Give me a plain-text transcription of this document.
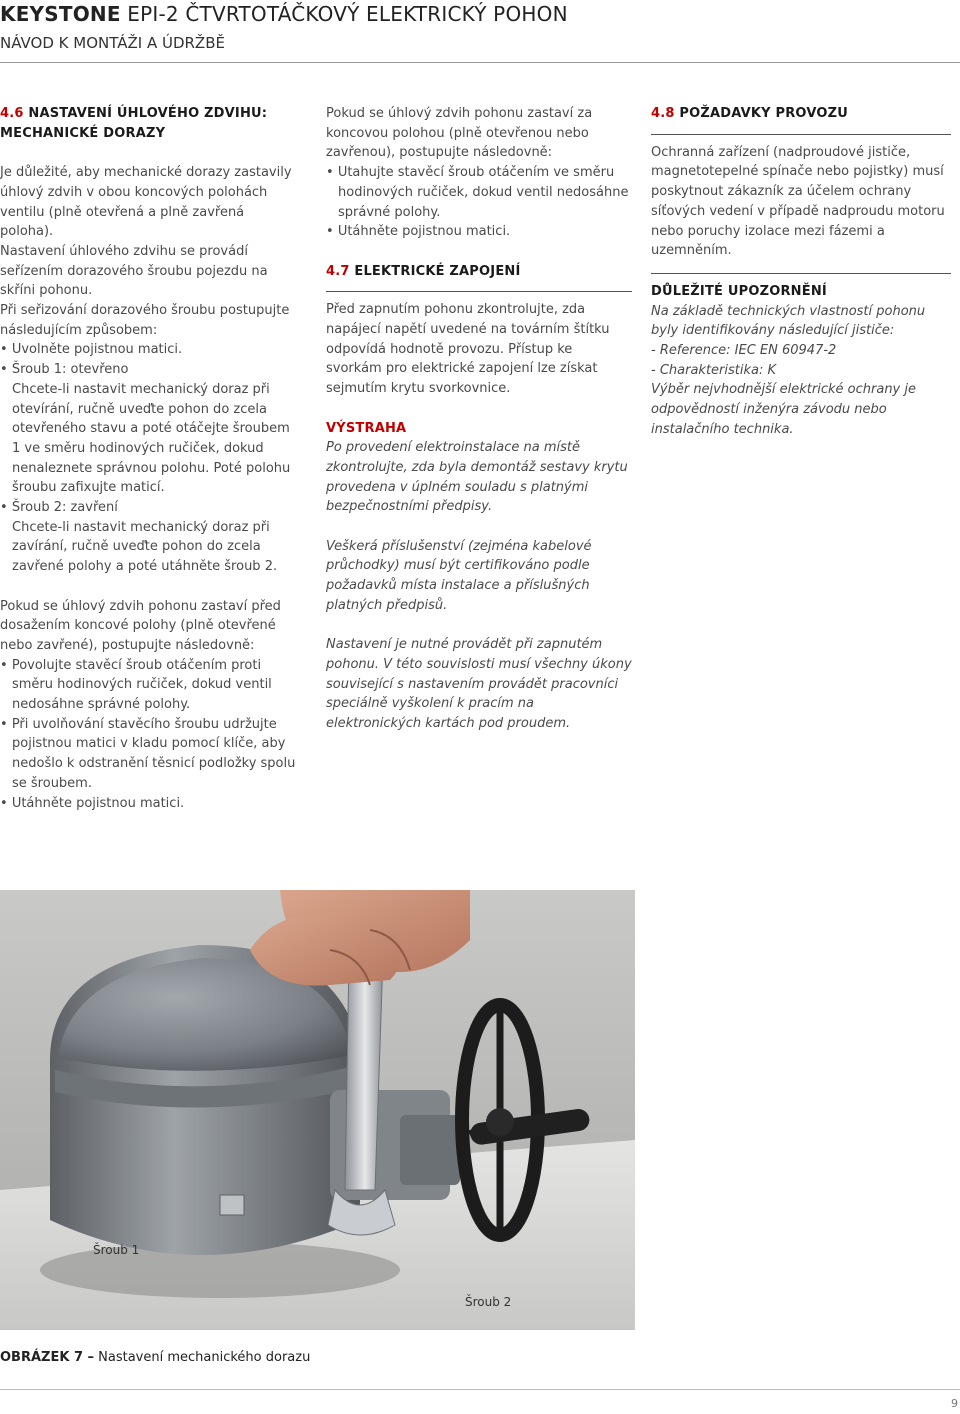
KEYSTONE EPI-2 ČTVRTOTÁČKOVÝ ELEKTRICKÝ POHON
NÁVOD K MONTÁŽI A ÚDRŽBĚ

4.6 NASTAVENÍ ÚHLOVÉHO ZDVIHU:

MECHANICKÉ DORAZY

Je důležité, aby mechanické dorazy zastavily úhlový zdvih v obou koncových polohách ventilu (plně otevřená a plně zavřená poloha).

Nastavení úhlového zdvihu se provádí seřízením dorazového šroubu pojezdu na skříni pohonu.

Při seřizování dorazového šroubu postupujte následujícím způsobem:

• Uvolněte pojistnou matici.

• Šroub 1: otevřeno

Chcete-li nastavit mechanický doraz při otevírání, ručně uveďte pohon do zcela otevřeného stavu a poté otáčejte šroubem 1 ve směru hodinových ručiček, dokud nenaleznete správnou polohu. Poté polohu šroubu zafixujte maticí.

• Šroub 2: zavření

Chcete-li nastavit mechanický doraz při zavírání, ručně uveďte pohon do zcela zavřené polohy a poté utáhněte šroub 2.

Pokud se úhlový zdvih pohonu zastaví před dosažením koncové polohy (plně otevřené nebo zavřené), postupujte následovně:

• Povolujte stavěcí šroub otáčením proti směru hodinových ručiček, dokud ventil nedosáhne správné polohy.

• Při uvolňování stavěcího šroubu udržujte pojistnou matici v kladu pomocí klíče, aby nedošlo k odstranění těsnicí podložky spolu se šroubem.

• Utáhněte pojistnou matici.

Pokud se úhlový zdvih pohonu zastaví za koncovou polohou (plně otevřenou nebo zavřenou), postupujte následovně:

• Utahujte stavěcí šroub otáčením ve směru hodinových ručiček, dokud ventil nedosáhne správné polohy.

• Utáhněte pojistnou matici.

4.7 ELEKTRICKÉ ZAPOJENÍ

Před zapnutím pohonu zkontrolujte, zda napájecí napětí uvedené na továrním štítku odpovídá hodnotě provozu. Přístup ke svorkám pro elektrické zapojení lze získat sejmutím krytu svorkovnice.

VÝSTRAHA

Po provedení elektroinstalace na místě zkontrolujte, zda byla demontáž sestavy krytu provedena v úplném souladu s platnými bezpečnostními předpisy.

Veškerá příslušenství (zejména kabelové průchodky) musí být certifikováno podle požadavků místa instalace a příslušných platných předpisů.

Nastavení je nutné provádět při zapnutém pohonu. V této souvislosti musí všechny úkony související s nastavením provádět pracovníci speciálně vyškolení k pracím na elektronických kartách pod proudem.

4.8 POŽADAVKY PROVOZU

Ochranná zařízení (nadproudové jističe, magnetotepelné spínače nebo pojistky) musí poskytnout zákazník za účelem ochrany síťových vedení v případě nadproudu motoru nebo poruchy izolace mezi fázemi a uzemněním.

DŮLEŽITÉ UPOZORNĚNÍ

Na základě technických vlastností pohonu byly identifikovány následující jističe:

- Reference: IEC EN 60947-2

- Charakteristika: K

Výběr nejvhodnější elektrické ochrany je odpovědností inženýra závodu nebo instalačního technika.

Šroub 1
Šroub 2
OBRÁZEK 7 – Nastavení mechanického dorazu
9
